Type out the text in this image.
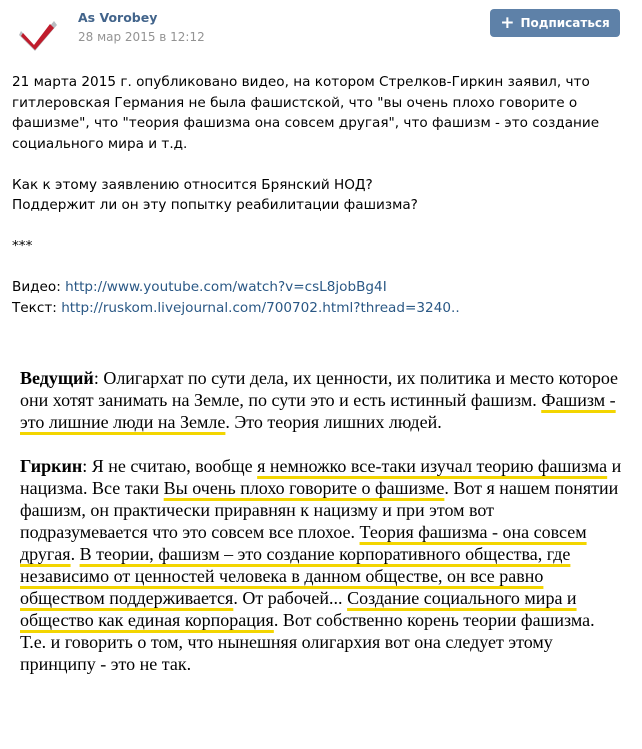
As Vorobey
28 мар 2015 в 12:12
+ Подписаться

21 марта 2015 г. опубликовано видео, на котором Стрелков-Гиркин заявил, что гитлеровская Германия не была фашистской, что "вы очень плохо говорите о фашизме", что "теория фашизма она совсем другая", что фашизм - это создание социального мира и т.д.

Как к этому заявлению относится Брянский НОД?

Поддержит ли он эту попытку реабилитации фашизма?

***

Видео: http://www.youtube.com/watch?v=csL8jobBg4I

Текст: http://ruskom.livejournal.com/700702.html?thread=3240..

Ведущий: Олигархат по сути дела, их ценности, их политика и место которое они хотят занимать на Земле, по сути это и есть истинный фашизм. Фашизм - это лишние люди на Земле. Это теория лишних людей.

Гиркин: Я не считаю, вообще я немножко все-таки изучал теорию фашизма и нацизма. Все таки Вы очень плохо говорите о фашизме. Вот я нашем понятии фашизм, он практически приравнян к нацизму и при этом вот подразумевается что это совсем все плохое. Теория фашизма - она совсем другая. В теории, фашизм – это создание корпоративного общества, где независимо от ценностей человека в данном обществе, он все равно обществом поддерживается. От рабочей... Создание социального мира и общество как единая корпорация. Вот собственно корень теории фашизма. Т.е. и говорить о том, что нынешняя олигархия вот она следует этому принципу - это не так.
